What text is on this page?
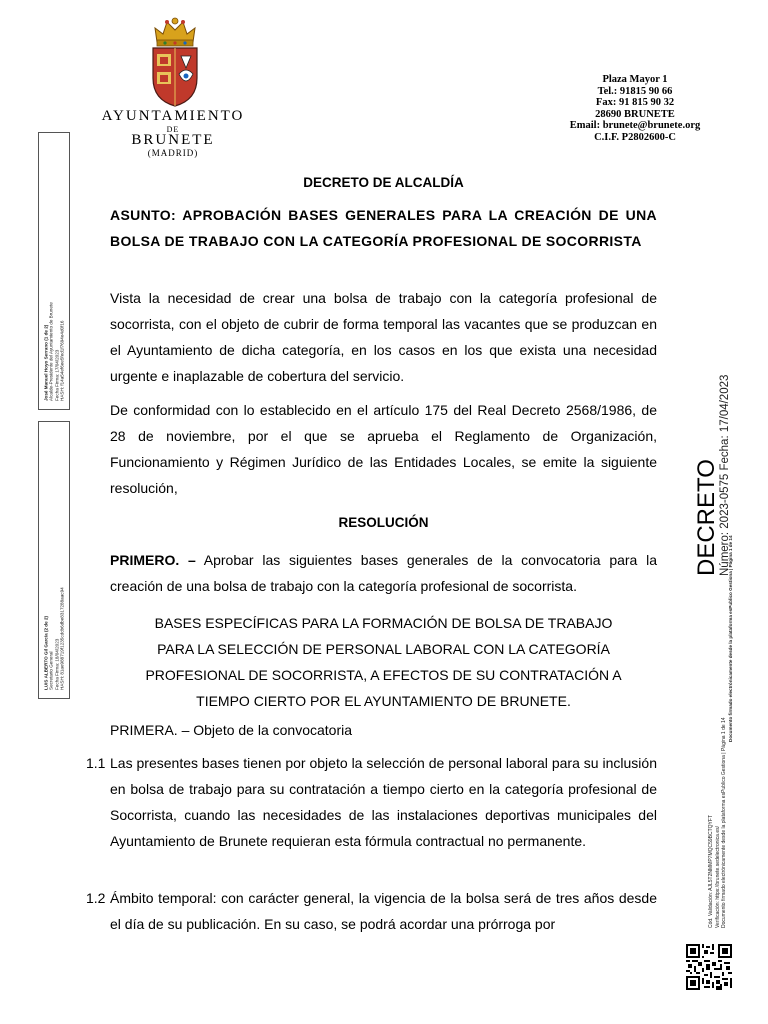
AYUNTAMIENTO
DE
BRUNETE
(MADRID)
Plaza Mayor 1
Tel.: 91815 90 66
Fax: 91 815 90 32
28690 BRUNETE
Email: brunete@brunete.org
C.I.F. P2802600-C
José Manuel Hoyo Serrano (1 de 2) Alcalde-Presidente del Ayuntamiento de Brunete Fecha Firma: 17/04/2023 HASH: f14a54ef6ee5fed1f7694e4d0f16
LUIS ALBERTO Gil García (2 de 2) Secretario General Fecha Firma: 18/04/2023 HASH: 81ae988719f1235cdcb6dbe8317288aac94
DECRETO Número: 2023-0575 Fecha: 17/04/2023
Cód. Validación: AJL5T2NMMP7MQC59BCTQYFT Verificación: https://brunete.sedelectronica.es/ Documento firmado electrónicamente desde la plataforma esPublico Gestiona | Página 1 de 14
Documento firmado electrónicamente desde la plataforma esPublico Gestiona | Página 1 de 14
DECRETO DE ALCALDÍA
ASUNTO: APROBACIÓN BASES GENERALES PARA LA CREACIÓN DE UNA BOLSA DE TRABAJO CON LA CATEGORÍA PROFESIONAL DE SOCORRISTA
Vista la necesidad de crear una bolsa de trabajo con la categoría profesional de socorrista, con el objeto de cubrir de forma temporal las vacantes que se produzcan en el Ayuntamiento de dicha categoría, en los casos en los que exista una necesidad urgente e inaplazable de cobertura del servicio.
De conformidad con lo establecido en el artículo 175 del Real Decreto 2568/1986, de 28 de noviembre, por el que se aprueba el Reglamento de Organización, Funcionamiento y Régimen Jurídico de las Entidades Locales, se emite la siguiente resolución,
RESOLUCIÓN
PRIMERO. – Aprobar las siguientes bases generales de la convocatoria para la creación de una bolsa de trabajo con la categoría profesional de socorrista.
BASES ESPECÍFICAS PARA LA FORMACIÓN DE BOLSA DE TRABAJO
PARA LA SELECCIÓN DE PERSONAL LABORAL CON LA CATEGORÍA
PROFESIONAL DE SOCORRISTA, A EFECTOS DE SU CONTRATACIÓN A
TIEMPO CIERTO POR EL AYUNTAMIENTO DE BRUNETE.
PRIMERA. – Objeto de la convocatoria
1.1 Las presentes bases tienen por objeto la selección de personal laboral para su inclusión en bolsa de trabajo para su contratación a tiempo cierto en la categoría profesional de Socorrista, cuando las necesidades de las instalaciones deportivas municipales del Ayuntamiento de Brunete requieran esta fórmula contractual no permanente.
1.2 Ámbito temporal: con carácter general, la vigencia de la bolsa será de tres años desde el día de su publicación. En su caso, se podrá acordar una prórroga por
